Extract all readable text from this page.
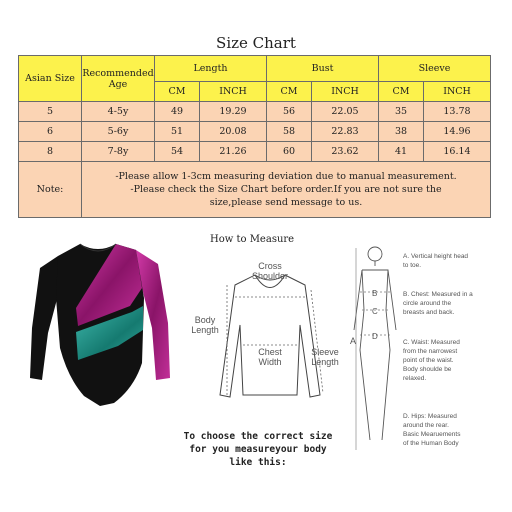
Size Chart
Asian Size	Recommended Age	Length		Bust		Sleeve	
		CM	INCH	CM	INCH	CM	INCH
5	4-5y	49	19.29	56	22.05	35	13.78
6	5-6y	51	20.08	58	22.83	38	14.96
8	7-8y	54	21.26	60	23.62	41	16.14
Note:	-Please allow 1-3cm measuring deviation due to manual measurement.
-Please check the Size Chart before order.If you are not sure the
size,please send message to us.						
How to Measure
Cross
Shoulder
Body
Length
Chest
Width
Sleeve
Length
A
B
C
D
A. Vertical height head
to toe.
B. Chest: Measured in a
circle around the
breasts and back.
C. Waist: Measured
from the narrowest
point of the waist.
Body shoulde be
relaxed.
D. Hips: Measured
around the rear.
Basic Mearuements
of the Human Body
To choose the correct size
for you measureyour body
like this:
